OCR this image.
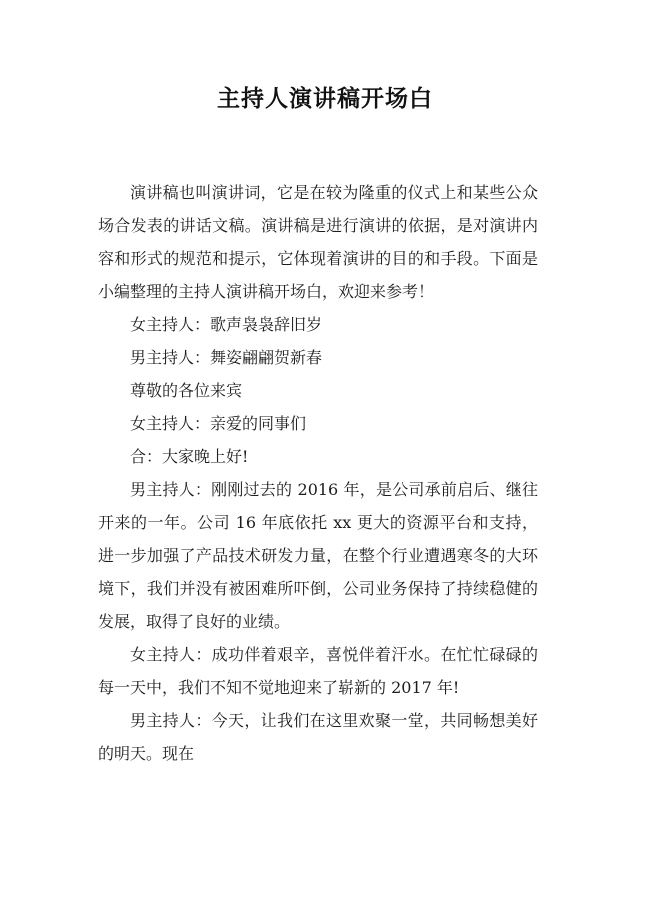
主持人演讲稿开场白

演讲稿也叫演讲词，它是在较为隆重的仪式上和某些公众场合发表的讲话文稿。演讲稿是进行演讲的依据，是对演讲内容和形式的规范和提示，它体现着演讲的目的和手段。下面是小编整理的主持人演讲稿开场白，欢迎来参考！

女主持人：歌声袅袅辞旧岁

男主持人：舞姿翩翩贺新春

尊敬的各位来宾

女主持人：亲爱的同事们

合：大家晚上好!

男主持人：刚刚过去的 2016 年，是公司承前启后、继往开来的一年。公司 16 年底依托 xx 更大的资源平台和支持，进一步加强了产品技术研发力量，在整个行业遭遇寒冬的大环境下，我们并没有被困难所吓倒，公司业务保持了持续稳健的发展，取得了良好的业绩。

女主持人：成功伴着艰辛，喜悦伴着汗水。在忙忙碌碌的每一天中，我们不知不觉地迎来了崭新的 2017 年!

男主持人：今天，让我们在这里欢聚一堂，共同畅想美好的明天。现在
